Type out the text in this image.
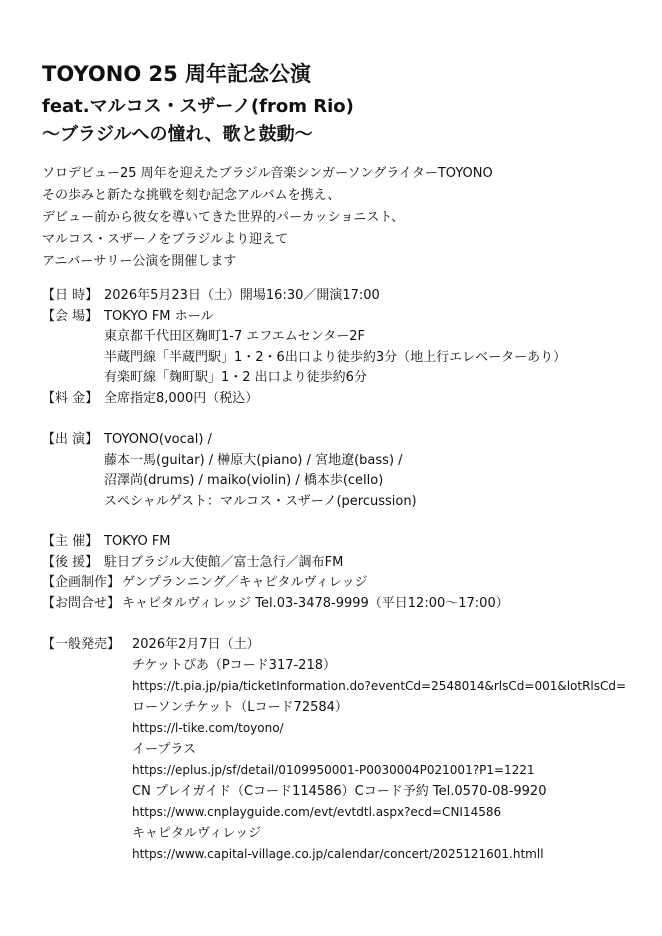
TOYONO 25 周年記念公演
feat.マルコス・スザーノ(from Rio)
〜ブラジルへの憧れ、歌と鼓動〜
ソロデビュー25 周年を迎えたブラジル音楽シンガーソングライターTOYONO
その歩みと新たな挑戦を刻む記念アルバムを携え、
デビュー前から彼女を導いてきた世界的パーカッショニスト、
マルコス・スザーノをブラジルより迎えて
アニバーサリー公演を開催します
【日 時】 2026年5月23日（土）開場16:30／開演17:00
【会 場】 TOKYO FM ホール
東京都千代田区麹町1-7 エフエムセンター2F
半蔵門線「半蔵門駅」1・2・6出口より徒歩約3分（地上行エレベーターあり）
有楽町線「麹町駅」1・2 出口より徒歩約6分
【料 金】 全席指定8,000円（税込）
【出 演】 TOYONO(vocal) /
藤本一馬(guitar) / 榊原大(piano) / 宮地遼(bass) /
沼澤尚(drums) / maiko(violin) / 橋本歩(cello)
スペシャルゲスト：マルコス・スザーノ(percussion)
【主 催】 TOKYO FM
【後 援】 駐日ブラジル大使館／富士急行／調布FM
【企画制作】 ゲンプランニング／キャピタルヴィレッジ
【お問合せ】 キャピタルヴィレッジ Tel.03-3478-9999（平日12:00〜17:00）
【一般発売】 2026年2月7日（土）
チケットぴあ（Pコード317-218）
https://t.pia.jp/pia/ticketInformation.do?eventCd=2548014&rlsCd=001&lotRlsCd=
ローソンチケット（Lコード72584）
https://l-tike.com/toyono/
イープラス
https://eplus.jp/sf/detail/0109950001-P0030004P021001?P1=1221
CN プレイガイド（Cコード114586）Cコード予約 Tel.0570-08-9920
https://www.cnplayguide.com/evt/evtdtl.aspx?ecd=CNI14586
キャピタルヴィレッジ
https://www.capital-village.co.jp/calendar/concert/2025121601.htmll
